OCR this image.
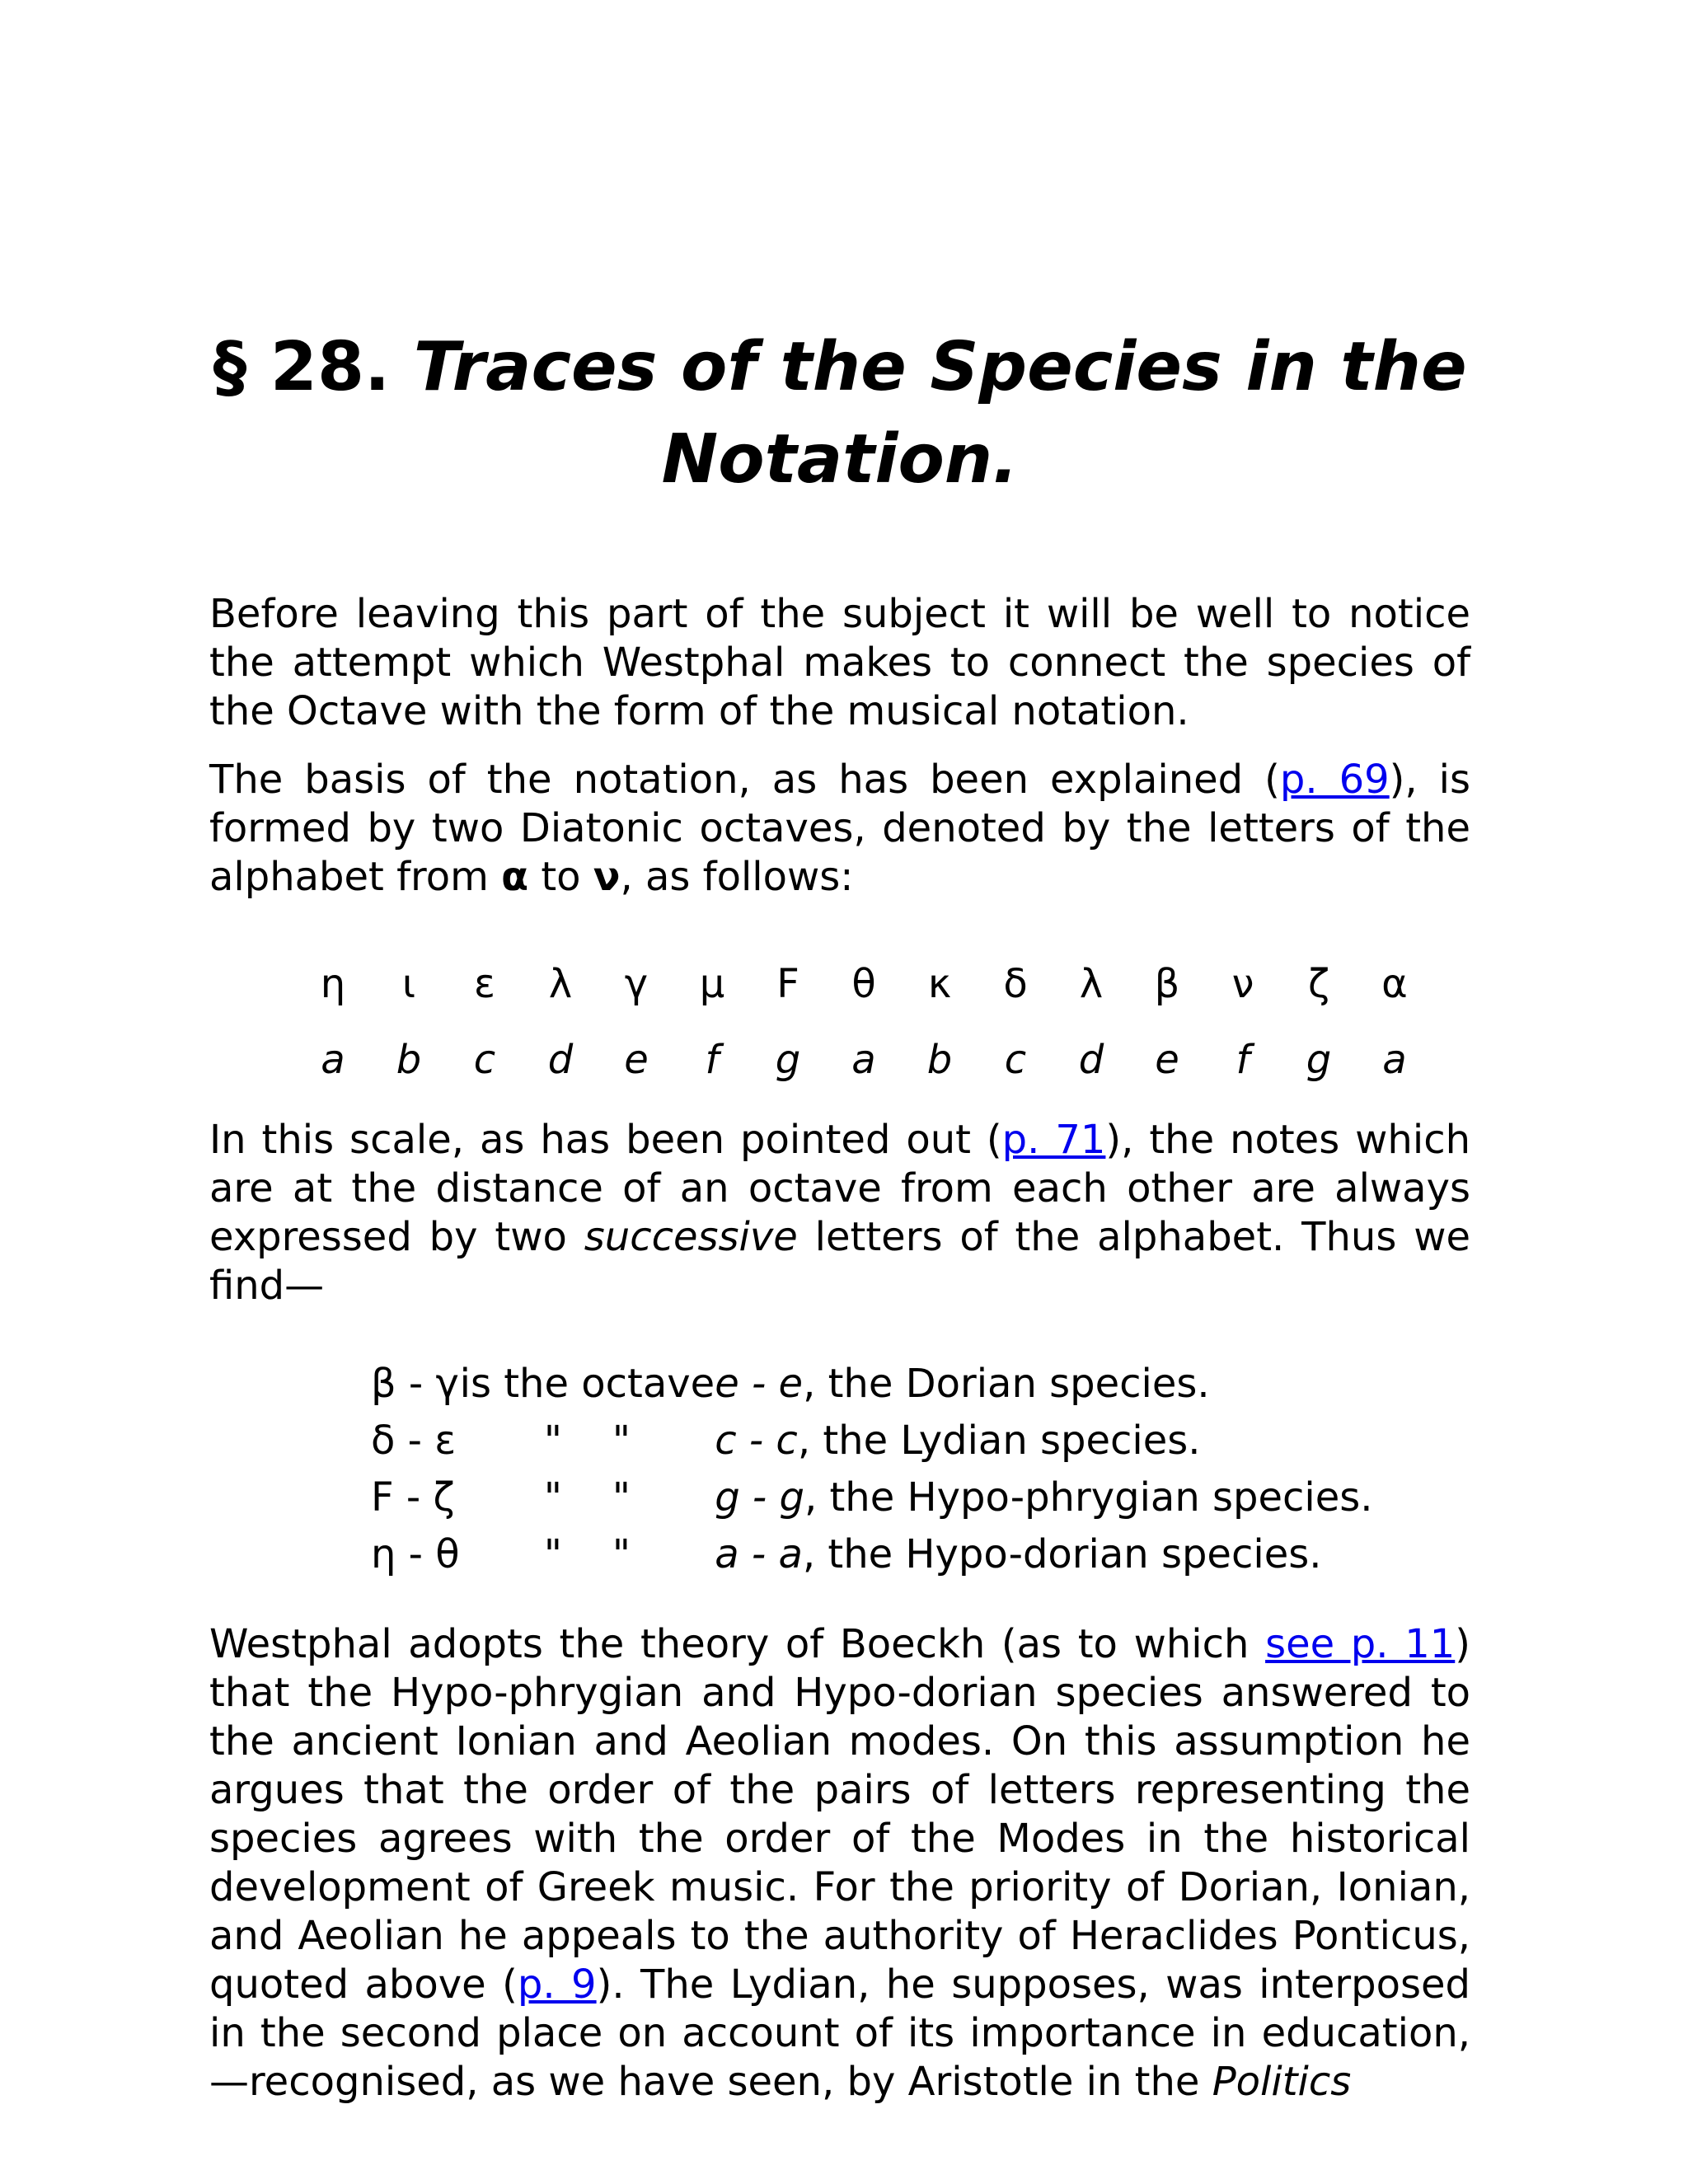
§ 28. Traces of the Species in the
Notation.

Before leaving this part of the subject it will be well to notice the attempt which Westphal makes to connect the species of the Octave with the form of the musical notation.

The basis of the notation, as has been explained (p. 69), is formed by two Diatonic octaves, denoted by the letters of the alphabet from α to ν, as follows:

η	ι	ε	λ	γ	μ	Ϝ	θ	κ	δ	λ	β	ν	ζ	α
a	b	c	d	e	f	g	a	b	c	d	e	f	g	a

In this scale, as has been pointed out (p. 71), the notes which are at the distance of an octave from each other are always expressed by two successive letters of the alphabet. Thus we find—

β - γ	is the octave	e - e, the Dorian species.
δ - ε	" "	c - c, the Lydian species.
Ϝ - ζ	" "	g - g, the Hypo-phrygian species.
η - θ	" "	a - a, the Hypo-dorian species.

Westphal adopts the theory of Boeckh (as to which see p. 11) that the Hypo-phrygian and Hypo-dorian species answered to the ancient Ionian and Aeolian modes. On this assumption he argues that the order of the pairs of letters representing the species agrees with the order of the Modes in the historical development of Greek music. For the priority of Dorian, Ionian, and Aeolian he appeals to the authority of Heraclides Ponticus, quoted above (p. 9). The Lydian, he supposes, was interposed in the second place on account of its importance in education,—recognised, as we have seen, by Aristotle in the Politics
